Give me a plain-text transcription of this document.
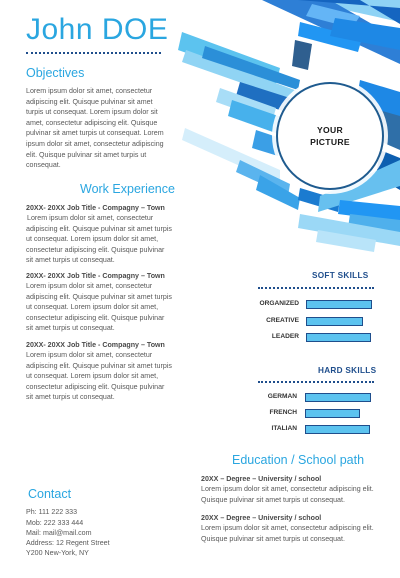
John DOE
YOUR
PICTURE
Objectives
Lorem ipsum dolor sit amet, consectetur adipiscing elit. Quisque pulvinar sit amet turpis ut consequat. Lorem ipsum dolor sit amet, consectetur adipiscing elit. Quisque pulvinar sit amet turpis ut consequat. Lorem ipsum dolor sit amet, consectetur adipiscing elit. Quisque pulvinar sit amet turpis ut consequat.
Work Experience
20XX- 20XX Job Title - Compagny – Town
Lorem ipsum dolor sit amet, consectetur adipiscing elit. Quisque pulvinar sit amet turpis ut consequat. Lorem ipsum dolor sit amet, consectetur adipiscing elit. Quisque pulvinar sit amet turpis ut consequat.
20XX- 20XX Job Title - Compagny – Town
Lorem ipsum dolor sit amet, consectetur adipiscing elit. Quisque pulvinar sit amet turpis ut consequat. Lorem ipsum dolor sit amet, consectetur adipiscing elit. Quisque pulvinar sit amet turpis ut consequat.
20XX- 20XX Job Title - Compagny – Town
Lorem ipsum dolor sit amet, consectetur adipiscing elit. Quisque pulvinar sit amet turpis ut consequat. Lorem ipsum dolor sit amet, consectetur adipiscing elit. Quisque pulvinar sit amet turpis ut consequat.
SOFT SKILLS
ORGANIZED
CREATIVE
LEADER
HARD SKILLS
GERMAN
FRENCH
ITALIAN
Education / School path
20XX – Degree – University / school
Lorem ipsum dolor sit amet, consectetur adipiscing elit. Quisque pulvinar sit amet turpis ut consequat.
20XX – Degree – University / school
Lorem ipsum dolor sit amet, consectetur adipiscing elit. Quisque pulvinar sit amet turpis ut consequat.
Contact
Ph: 111 222 333
Mob: 222 333 444
Mail: mail@mail.com
Address: 12 Regent Street
Y200 New-York, NY
